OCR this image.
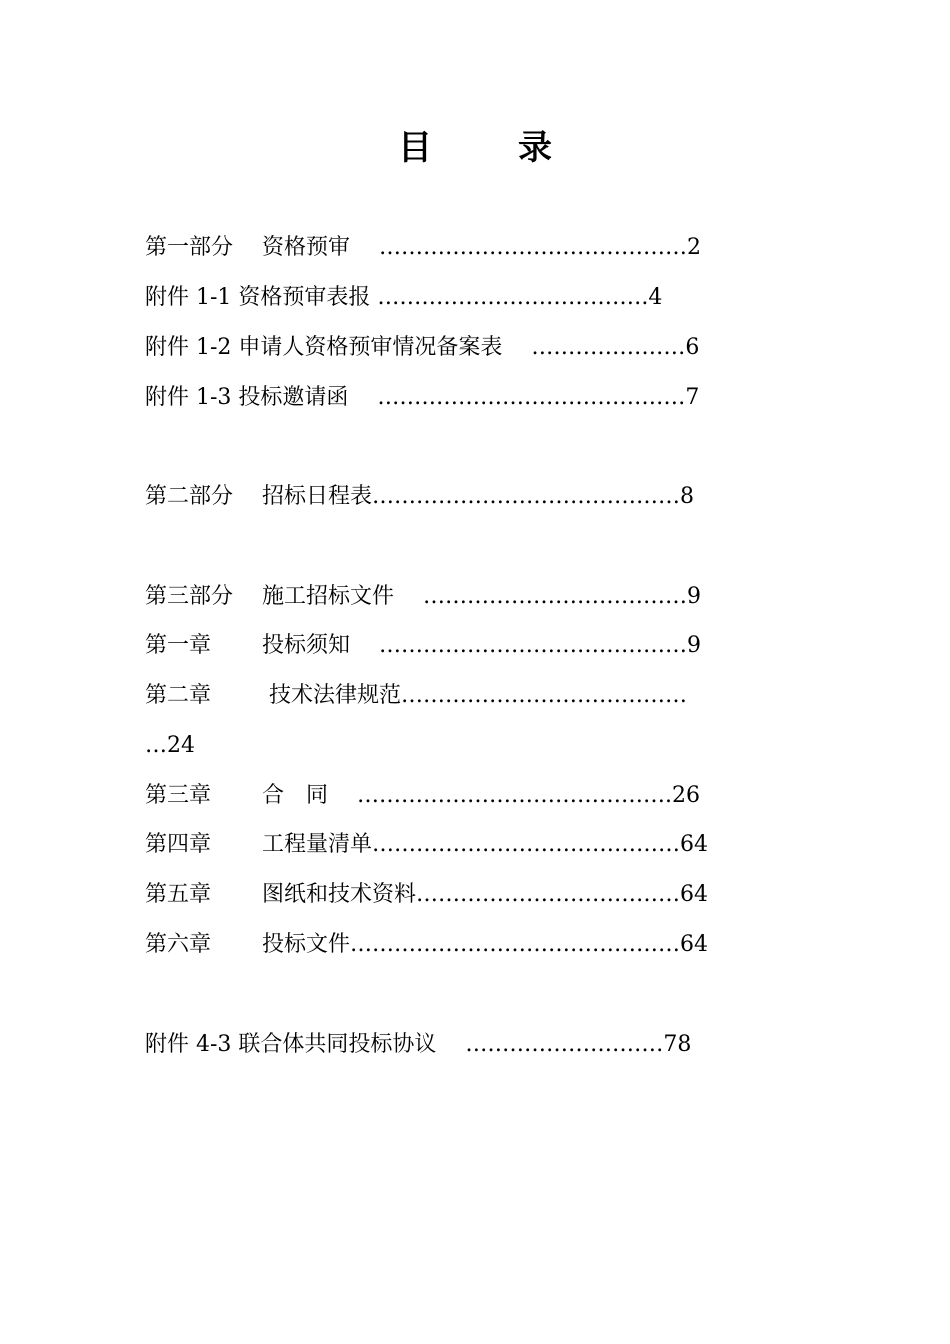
目　录
第一部分　 资格预审　 ……………………………………2
附件 1-1 资格预审表报 ……………………………….4
附件 1-2 申请人资格预审情况备案表　 …………………6
附件 1-3 投标邀请函　 ……………………………………7
第二部分　 招标日程表……………………………………8
第三部分　 施工招标文件　 ………………………………9
第一章　　 投标须知　 ……………………………………9
第二章　　  技术法律规范…………………………………
…24
第三章　　 合　同　 …………………………………….26
第四章　　 工程量清单……………………………………64
第五章　　 图纸和技术资料………………………………64
第六章　　 投标文件………………………………………64
附件 4-3 联合体共同投标协议　 ………………………78
